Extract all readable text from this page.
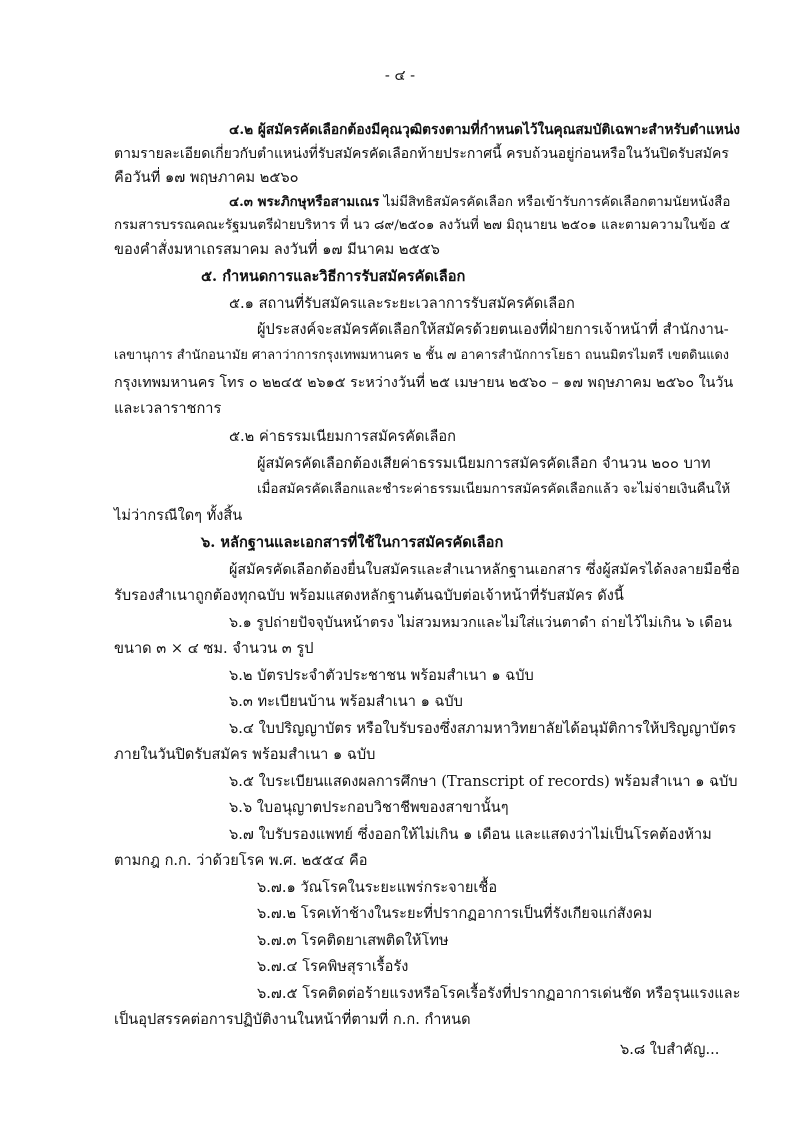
- ๔ -

๔.๒ ผู้สมัครคัดเลือกต้องมีคุณวุฒิตรงตามที่กำหนดไว้ในคุณสมบัติเฉพาะสำหรับตำแหน่ง

ตามรายละเอียดเกี่ยวกับตำแหน่งที่รับสมัครคัดเลือกท้ายประกาศนี้ ครบถ้วนอยู่ก่อนหรือในวันปิดรับสมัคร

คือวันที่ ๑๗ พฤษภาคม ๒๕๖๐

๔.๓ พระภิกษุหรือสามเณร ไม่มีสิทธิสมัครคัดเลือก หรือเข้ารับการคัดเลือกตามนัยหนังสือ

กรมสารบรรณคณะรัฐมนตรีฝ่ายบริหาร ที่ นว ๘๙/๒๕๐๑ ลงวันที่ ๒๗ มิถุนายน ๒๕๐๑ และตามความในข้อ ๕

ของคำสั่งมหาเถรสมาคม ลงวันที่ ๑๗ มีนาคม ๒๕๕๖

๕. กำหนดการและวิธีการรับสมัครคัดเลือก

๕.๑ สถานที่รับสมัครและระยะเวลาการรับสมัครคัดเลือก

ผู้ประสงค์จะสมัครคัดเลือกให้สมัครด้วยตนเองที่ฝ่ายการเจ้าหน้าที่ สำนักงาน-

เลขานุการ สำนักอนามัย ศาลาว่าการกรุงเทพมหานคร ๒ ชั้น ๗ อาคารสำนักการโยธา ถนนมิตรไมตรี เขตดินแดง

กรุงเทพมหานคร โทร ๐ ๒๒๔๕ ๒๖๑๕ ระหว่างวันที่ ๒๕ เมษายน ๒๕๖๐ – ๑๗ พฤษภาคม ๒๕๖๐ ในวัน

และเวลาราชการ

๕.๒ ค่าธรรมเนียมการสมัครคัดเลือก

ผู้สมัครคัดเลือกต้องเสียค่าธรรมเนียมการสมัครคัดเลือก จำนวน ๒๐๐ บาท

เมื่อสมัครคัดเลือกและชำระค่าธรรมเนียมการสมัครคัดเลือกแล้ว จะไม่จ่ายเงินคืนให้

ไม่ว่ากรณีใดๆ ทั้งสิ้น

๖. หลักฐานและเอกสารที่ใช้ในการสมัครคัดเลือก

ผู้สมัครคัดเลือกต้องยื่นใบสมัครและสำเนาหลักฐานเอกสาร ซึ่งผู้สมัครได้ลงลายมือชื่อ

รับรองสำเนาถูกต้องทุกฉบับ พร้อมแสดงหลักฐานต้นฉบับต่อเจ้าหน้าที่รับสมัคร ดังนี้

๖.๑ รูปถ่ายปัจจุบันหน้าตรง ไม่สวมหมวกและไม่ใส่แว่นตาดำ ถ่ายไว้ไม่เกิน ๖ เดือน

ขนาด ๓ × ๔ ซม. จำนวน ๓ รูป

๖.๒ บัตรประจำตัวประชาชน พร้อมสำเนา ๑ ฉบับ

๖.๓ ทะเบียนบ้าน พร้อมสำเนา ๑ ฉบับ

๖.๔ ใบปริญญาบัตร หรือใบรับรองซึ่งสภามหาวิทยาลัยได้อนุมัติการให้ปริญญาบัตร

ภายในวันปิดรับสมัคร พร้อมสำเนา ๑ ฉบับ

๖.๕ ใบระเบียนแสดงผลการศึกษา (Transcript of records) พร้อมสำเนา ๑ ฉบับ

๖.๖ ใบอนุญาตประกอบวิชาชีพของสาขานั้นๆ

๖.๗ ใบรับรองแพทย์ ซึ่งออกให้ไม่เกิน ๑ เดือน และแสดงว่าไม่เป็นโรคต้องห้าม

ตามกฎ ก.ก. ว่าด้วยโรค พ.ศ. ๒๕๕๔ คือ

๖.๗.๑ วัณโรคในระยะแพร่กระจายเชื้อ

๖.๗.๒ โรคเท้าช้างในระยะที่ปรากฏอาการเป็นที่รังเกียจแก่สังคม

๖.๗.๓ โรคติดยาเสพติดให้โทษ

๖.๗.๔ โรคพิษสุราเรื้อรัง

๖.๗.๕ โรคติดต่อร้ายแรงหรือโรคเรื้อรังที่ปรากฏอาการเด่นชัด หรือรุนแรงและ

เป็นอุปสรรคต่อการปฏิบัติงานในหน้าที่ตามที่ ก.ก. กำหนด

๖.๘ ใบสำคัญ...
